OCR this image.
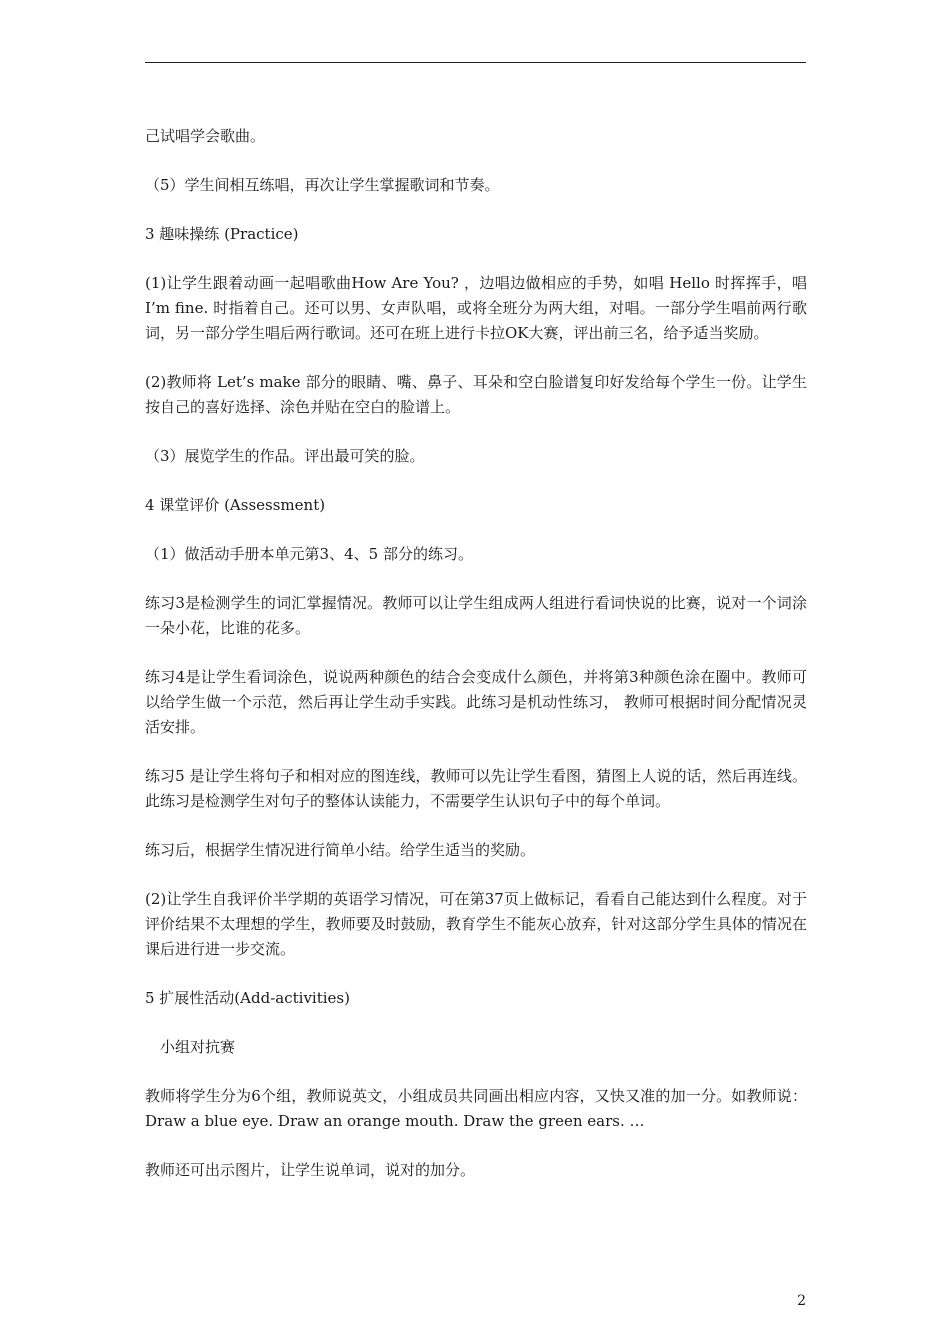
己试唱学会歌曲。

（5）学生间相互练唱，再次让学生掌握歌词和节奏。

3 趣味操练 (Practice)

(1)让学生跟着动画一起唱歌曲How Are You? ，边唱边做相应的手势，如唱 Hello 时挥挥手，唱 I’m fine. 时指着自己。还可以男、女声队唱，或将全班分为两大组，对唱。一部分学生唱前两行歌词，另一部分学生唱后两行歌词。还可在班上进行卡拉OK大赛，评出前三名，给予适当奖励。

(2)教师将 Let’s make 部分的眼睛、嘴、鼻子、耳朵和空白脸谱复印好发给每个学生一份。让学生按自己的喜好选择、涂色并贴在空白的脸谱上。

（3）展览学生的作品。评出最可笑的脸。

4 课堂评价 (Assessment)

（1）做活动手册本单元第3、4、5 部分的练习。

练习3是检测学生的词汇掌握情况。教师可以让学生组成两人组进行看词快说的比赛，说对一个词涂一朵小花，比谁的花多。

练习4是让学生看词涂色，说说两种颜色的结合会变成什么颜色，并将第3种颜色涂在圈中。教师可以给学生做一个示范，然后再让学生动手实践。此练习是机动性练习， 教师可根据时间分配情况灵活安排。

练习5 是让学生将句子和相对应的图连线，教师可以先让学生看图，猜图上人说的话，然后再连线。此练习是检测学生对句子的整体认读能力，不需要学生认识句子中的每个单词。

练习后，根据学生情况进行简单小结。给学生适当的奖励。

(2)让学生自我评价半学期的英语学习情况，可在第37页上做标记，看看自己能达到什么程度。对于评价结果不太理想的学生，教师要及时鼓励，教育学生不能灰心放弃，针对这部分学生具体的情况在课后进行进一步交流。

5 扩展性活动(Add-activities)

　小组对抗赛

教师将学生分为6个组，教师说英文，小组成员共同画出相应内容，又快又准的加一分。如教师说：Draw a blue eye. Draw an orange mouth. Draw the green ears. …

教师还可出示图片，让学生说单词，说对的加分。

2
